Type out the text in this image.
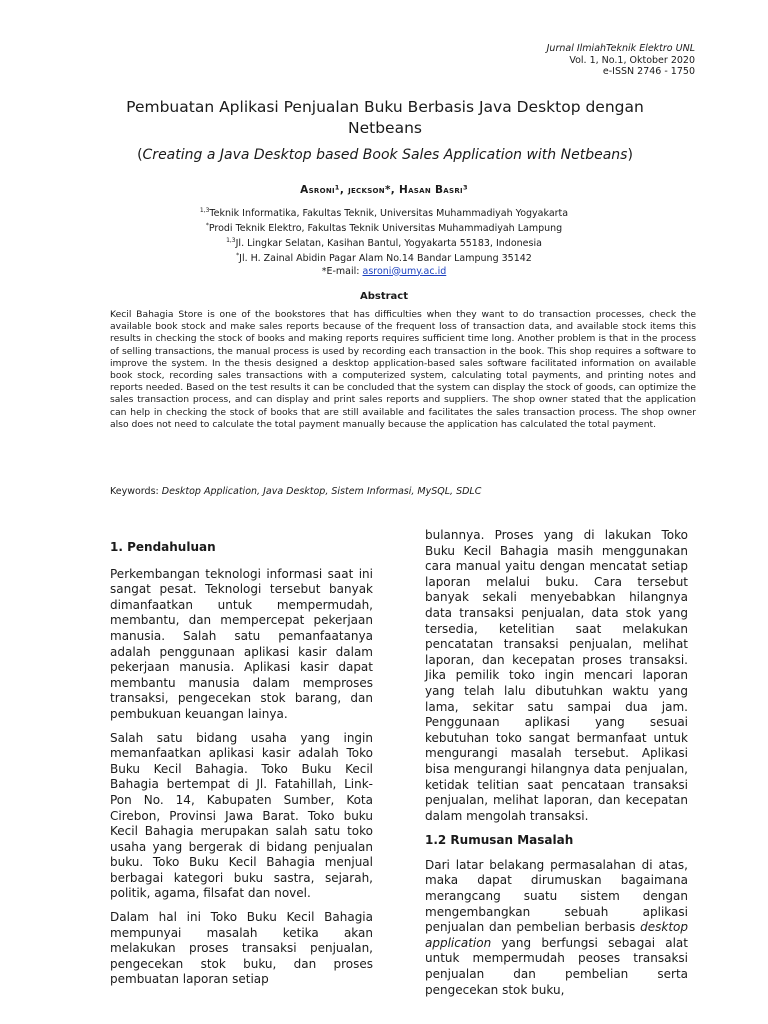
Jurnal IlmiahTeknik Elektro UNL
Vol. 1, No.1, Oktober 2020
e-ISSN 2746 - 1750
Pembuatan Aplikasi Penjualan Buku Berbasis Java Desktop dengan Netbeans
(Creating a Java Desktop based Book Sales Application with Netbeans)
Asroni¹, jeckson*, Hasan Basri³
$^{1,3}$Teknik Informatika, Fakultas Teknik, Universitas Muhammadiyah Yogyakarta
*Prodi Teknik Elektro, Fakultas Teknik Universitas Muhammadiyah Lampung
$^{1,3}$Jl. Lingkar Selatan, Kasihan Bantul, Yogyakarta 55183, Indonesia
*Jl. H. Zainal Abidin Pagar Alam No.14 Bandar Lampung 35142
*E-mail: asroni@umy.ac.id
Abstract
Kecil Bahagia Store is one of the bookstores that has difficulties when they want to do transaction processes, check the available book stock and make sales reports because of the frequent loss of transaction data, and available stock items this results in checking the stock of books and making reports requires sufficient time long. Another problem is that in the process of selling transactions, the manual process is used by recording each transaction in the book. This shop requires a software to improve the system. In the thesis designed a desktop application-based sales software facilitated information on available book stock, recording sales transactions with a computerized system, calculating total payments, and printing notes and reports needed. Based on the test results it can be concluded that the system can display the stock of goods, can optimize the sales transaction process, and can display and print sales reports and suppliers. The shop owner stated that the application can help in checking the stock of books that are still available and facilitates the sales transaction process. The shop owner also does not need to calculate the total payment manually because the application has calculated the total payment.
Keywords: Desktop Application, Java Desktop, Sistem Informasi, MySQL, SDLC
1. Pendahuluan

Perkembangan teknologi informasi saat ini sangat pesat. Teknologi tersebut banyak dimanfaatkan untuk mempermudah, membantu, dan mempercepat pekerjaan manusia. Salah satu pemanfaatanya adalah penggunaan aplikasi kasir dalam pekerjaan manusia. Aplikasi kasir dapat membantu manusia dalam memproses transaksi, pengecekan stok barang, dan pembukuan keuangan lainya.

Salah satu bidang usaha yang ingin memanfaatkan aplikasi kasir adalah Toko Buku Kecil Bahagia. Toko Buku Kecil Bahagia bertempat di Jl. Fatahillah, Link-Pon No. 14, Kabupaten Sumber, Kota Cirebon, Provinsi Jawa Barat. Toko buku Kecil Bahagia merupakan salah satu toko usaha yang bergerak di bidang penjualan buku. Toko Buku Kecil Bahagia menjual berbagai kategori buku sastra, sejarah, politik, agama, filsafat dan novel.

Dalam hal ini Toko Buku Kecil Bahagia mempunyai masalah ketika akan melakukan proses transaksi penjualan, pengecekan stok buku, dan proses pembuatan laporan setiap

bulannya. Proses yang di lakukan Toko Buku Kecil Bahagia masih menggunakan cara manual yaitu dengan mencatat setiap laporan melalui buku. Cara tersebut banyak sekali menyebabkan hilangnya data transaksi penjualan, data stok yang tersedia, ketelitian saat melakukan pencatatan transaksi penjualan, melihat laporan, dan kecepatan proses transaksi. Jika pemilik toko ingin mencari laporan yang telah lalu dibutuhkan waktu yang lama, sekitar satu sampai dua jam. Penggunaan aplikasi yang sesuai kebutuhan toko sangat bermanfaat untuk mengurangi masalah tersebut. Aplikasi bisa mengurangi hilangnya data penjualan, ketidak telitian saat pencataan transaksi penjualan, melihat laporan, dan kecepatan dalam mengolah transaksi.

1.2 Rumusan Masalah

Dari latar belakang permasalahan di atas, maka dapat dirumuskan bagaimana merangcang suatu sistem dengan mengembangkan sebuah aplikasi penjualan dan pembelian berbasis desktop application yang berfungsi sebagai alat untuk mempermudah peoses transaksi penjualan dan pembelian serta pengecekan stok buku,
